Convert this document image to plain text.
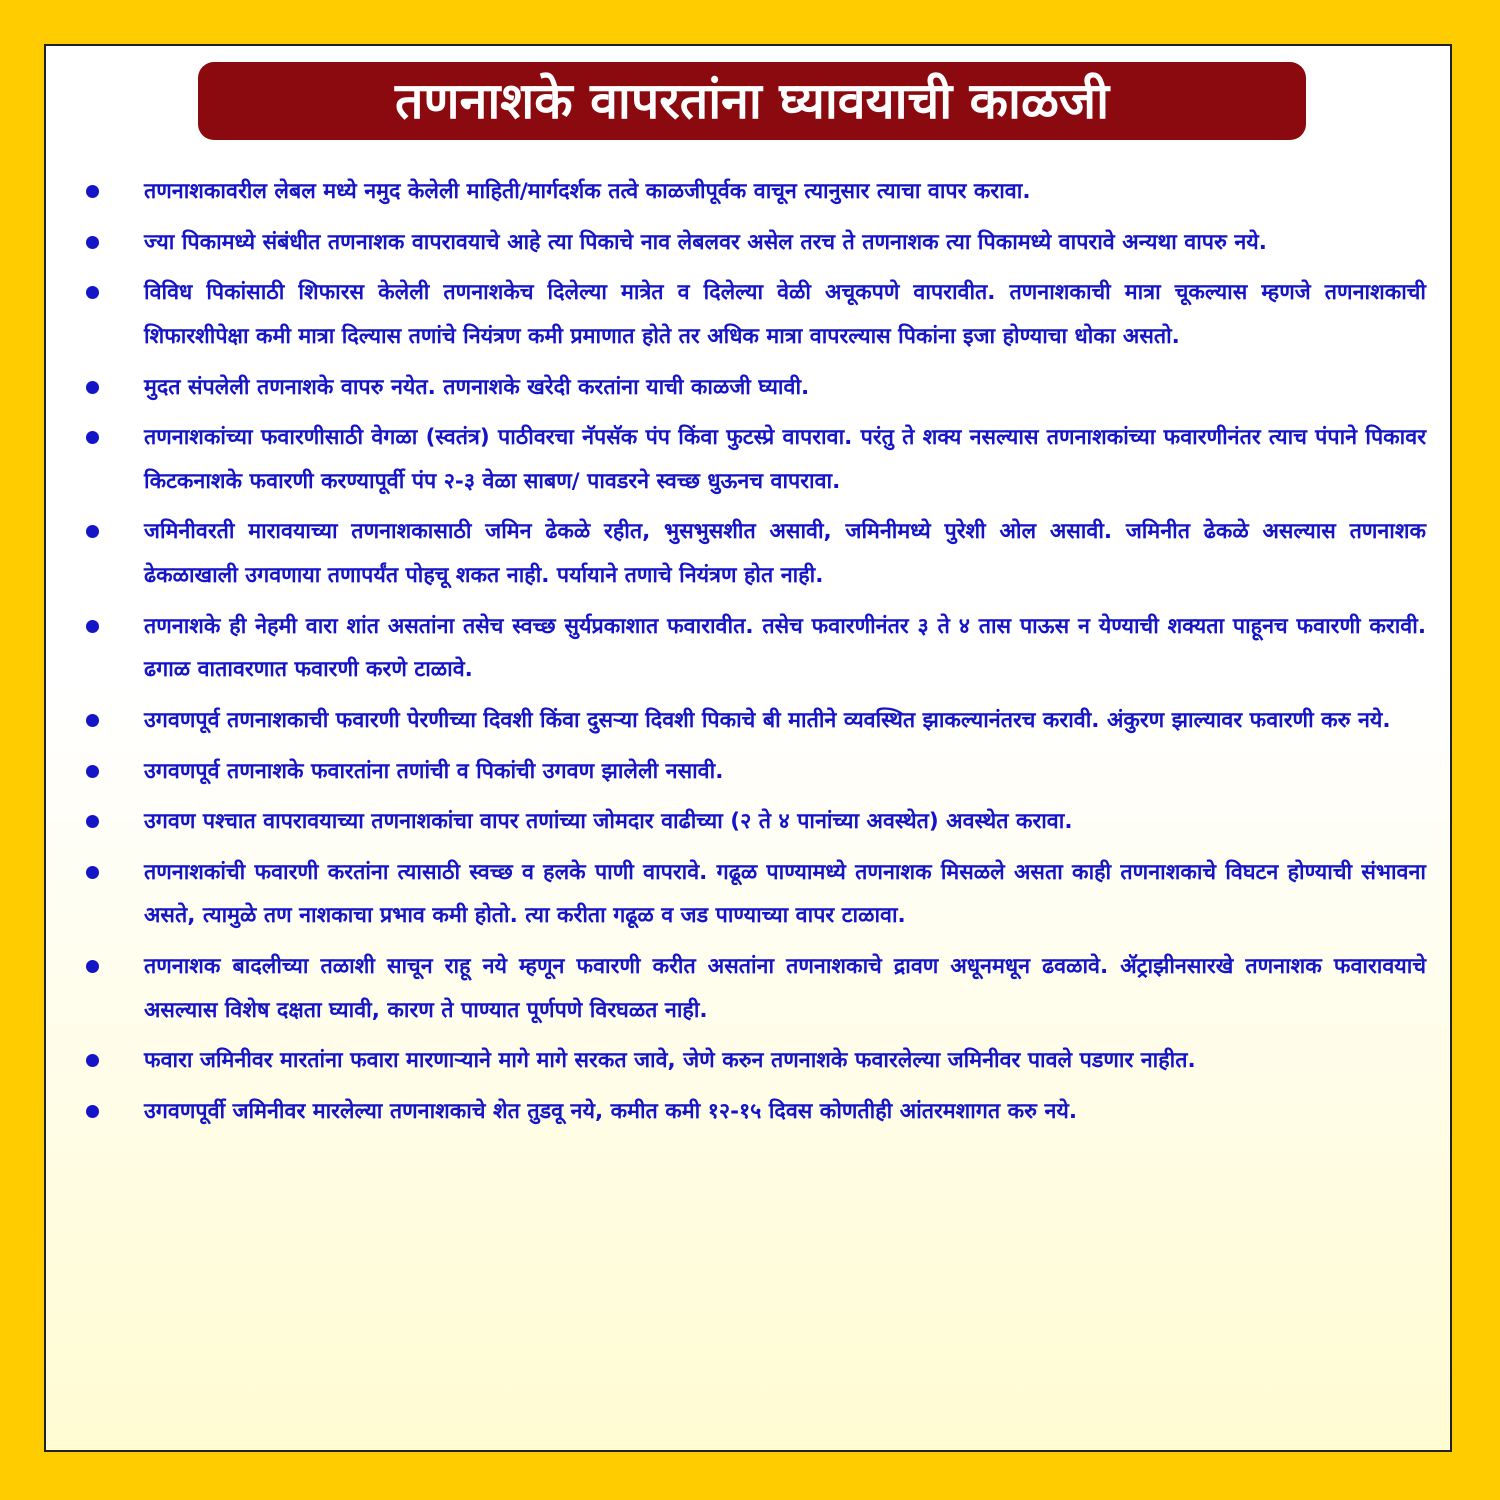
तणनाशके वापरतांना घ्यावयाची काळजी
तणनाशकावरील लेबल मध्ये नमुद केलेली माहिती/मार्गदर्शक तत्वे काळजीपूर्वक वाचून त्यानुसार त्याचा वापर करावा.
ज्या पिकामध्ये संबंधीत तणनाशक वापरावयाचे आहे त्या पिकाचे नाव लेबलवर असेल तरच ते तणनाशक त्या पिकामध्ये वापरावे अन्यथा वापरु नये.
विविध पिकांसाठी शिफारस केलेली तणनाशकेच दिलेल्या मात्रेत व दिलेल्या वेळी अचूकपणे वापरावीत. तणनाशकाची मात्रा चूकल्यास म्हणजे तणनाशकाची शिफारशीपेक्षा कमी मात्रा दिल्यास तणांचे नियंत्रण कमी प्रमाणात होते तर अधिक मात्रा वापरल्यास पिकांना इजा होण्याचा धोका असतो.
मुदत संपलेली तणनाशके वापरु नयेत. तणनाशके खरेदी करतांना याची काळजी घ्यावी.
तणनाशकांच्या फवारणीसाठी वेगळा (स्वतंत्र) पाठीवरचा नॅपसॅक पंप किंवा फुटस्प्रे वापरावा. परंतु ते शक्य नसल्यास तणनाशकांच्या फवारणीनंतर त्याच पंपाने पिकावर किटकनाशके फवारणी करण्यापूर्वी पंप २-३ वेळा साबण/ पावडरने स्वच्छ धुऊनच वापरावा.
जमिनीवरती मारावयाच्या तणनाशकासाठी जमिन ढेकळे रहीत, भुसभुसशीत असावी, जमिनीमध्ये पुरेशी ओल असावी. जमिनीत ढेकळे असल्यास तणनाशक ढेकळाखाली उगवणाया तणापर्यंत पोहचू शकत नाही. पर्यायाने तणाचे नियंत्रण होत नाही.
तणनाशके ही नेहमी वारा शांत असतांना तसेच स्वच्छ सुर्यप्रकाशात फवारावीत. तसेच फवारणीनंतर ३ ते ४ तास पाऊस न येण्याची शक्यता पाहूनच फवारणी करावी. ढगाळ वातावरणात फवारणी करणे टाळावे.
उगवणपूर्व तणनाशकाची फवारणी पेरणीच्या दिवशी किंवा दुसऱ्या दिवशी पिकाचे बी मातीने व्यवस्थित झाकल्यानंतरच करावी. अंकुरण झाल्यावर फवारणी करु नये.
उगवणपूर्व तणनाशके फवारतांना तणांची व पिकांची उगवण झालेली नसावी.
उगवण पश्चात वापरावयाच्या तणनाशकांचा वापर तणांच्या जोमदार वाढीच्या (२ ते ४ पानांच्या अवस्थेत) अवस्थेत करावा.
तणनाशकांची फवारणी करतांना त्यासाठी स्वच्छ व हलके पाणी वापरावे. गढूळ पाण्यामध्ये तणनाशक मिसळले असता काही तणनाशकाचे विघटन होण्याची संभावना असते, त्यामुळे तण नाशकाचा प्रभाव कमी होतो. त्या करीता गढूळ व जड पाण्याच्या वापर टाळावा.
तणनाशक बादलीच्या तळाशी साचून राहू नये म्हणून फवारणी करीत असतांना तणनाशकाचे द्रावण अधूनमधून ढवळावे. ॲट्राझीनसारखे तणनाशक फवारावयाचे असल्यास विशेष दक्षता घ्यावी, कारण ते पाण्यात पूर्णपणे विरघळत नाही.
फवारा जमिनीवर मारतांना फवारा मारणाऱ्याने मागे मागे सरकत जावे, जेणे करुन तणनाशके फवारलेल्या जमिनीवर पावले पडणार नाहीत.
उगवणपूर्वी जमिनीवर मारलेल्या तणनाशकाचे शेत तुडवू नये, कमीत कमी १२-१५ दिवस कोणतीही आंतरमशागत करु नये.
